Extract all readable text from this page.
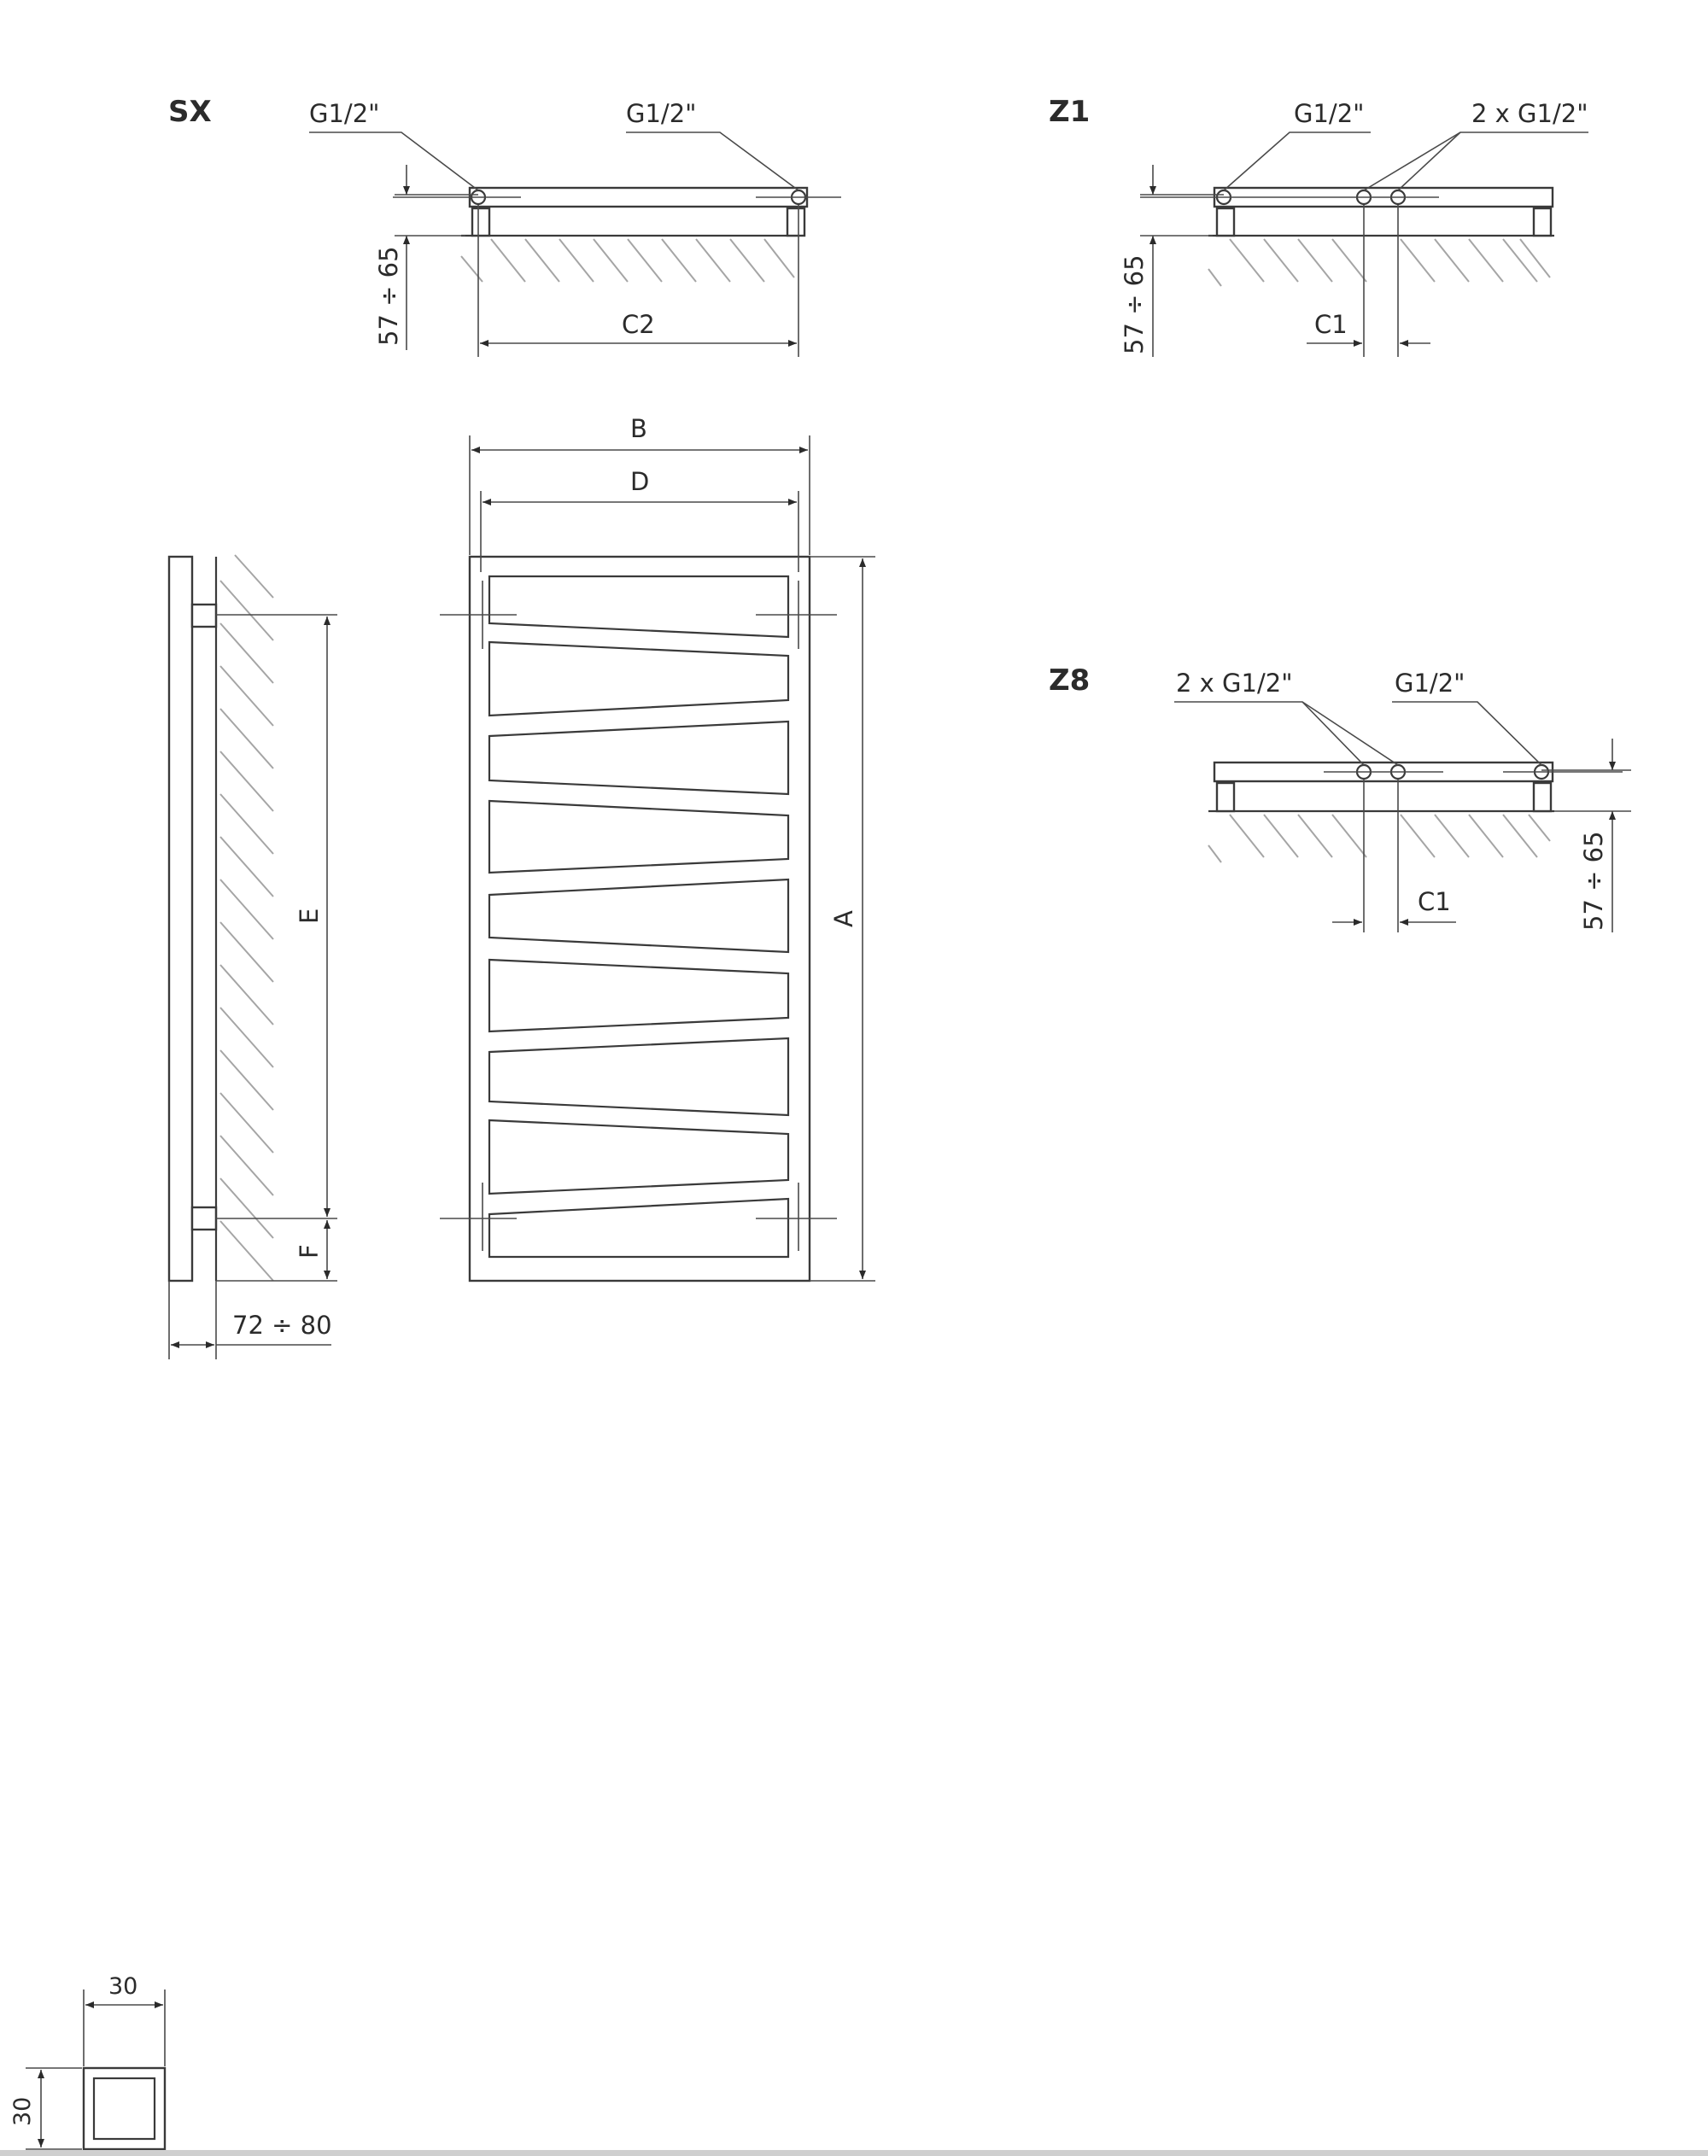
SX	G1/2"	G1/2"
57 ÷ 65	C2
Z1	G1/2"	2 x G1/2"
57 ÷ 65	C1
E
F
72 ÷ 80
B
D
A
Z8	2 x G1/2"	G1/2"
57 ÷ 65
C1
30
30
